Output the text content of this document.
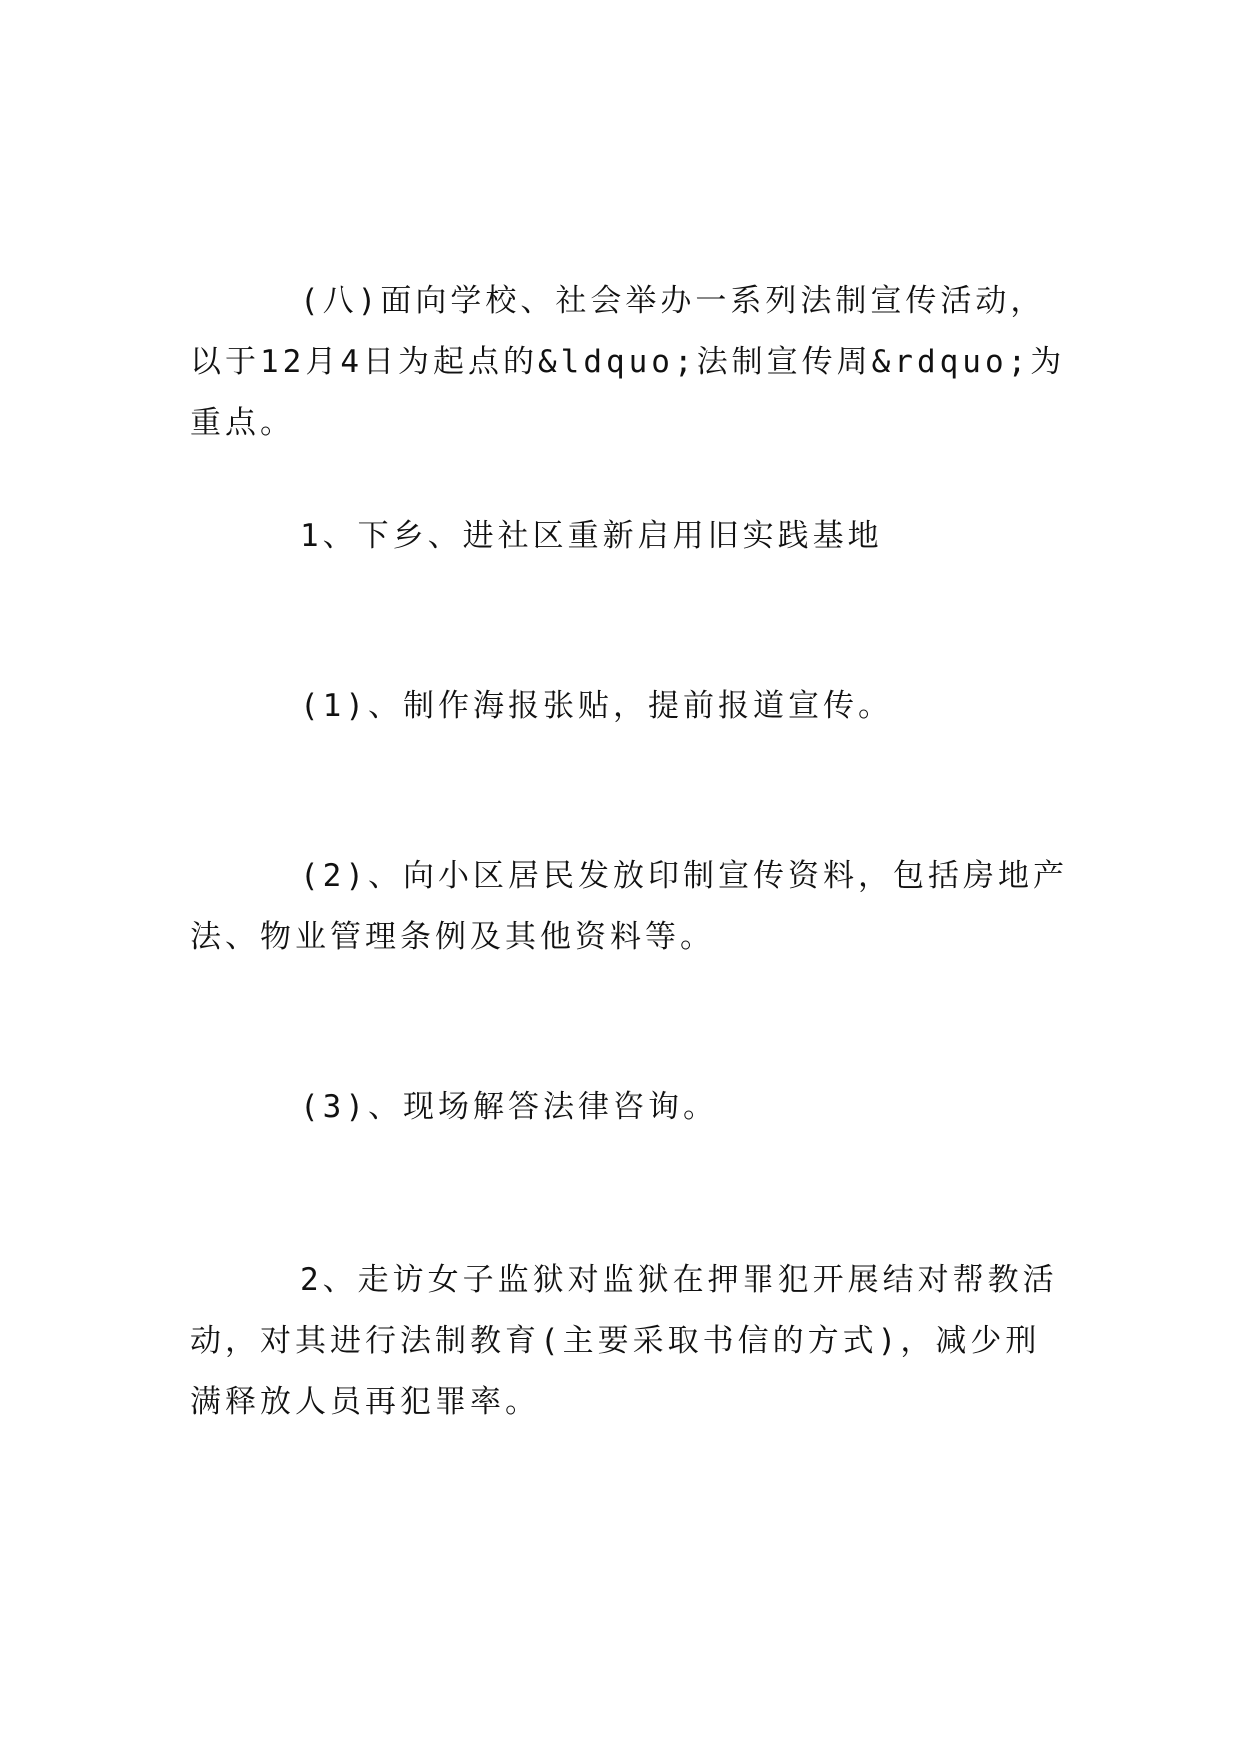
(八)面向学校、社会举办一系列法制宣传活动，以于12月4日为起点的&ldquo;法制宣传周&rdquo;为重点。

1、下乡、进社区重新启用旧实践基地

(1)、制作海报张贴，提前报道宣传。

(2)、向小区居民发放印制宣传资料，包括房地产法、物业管理条例及其他资料等。

(3)、现场解答法律咨询。

2、走访女子监狱对监狱在押罪犯开展结对帮教活动，对其进行法制教育(主要采取书信的方式)，减少刑满释放人员再犯罪率。
